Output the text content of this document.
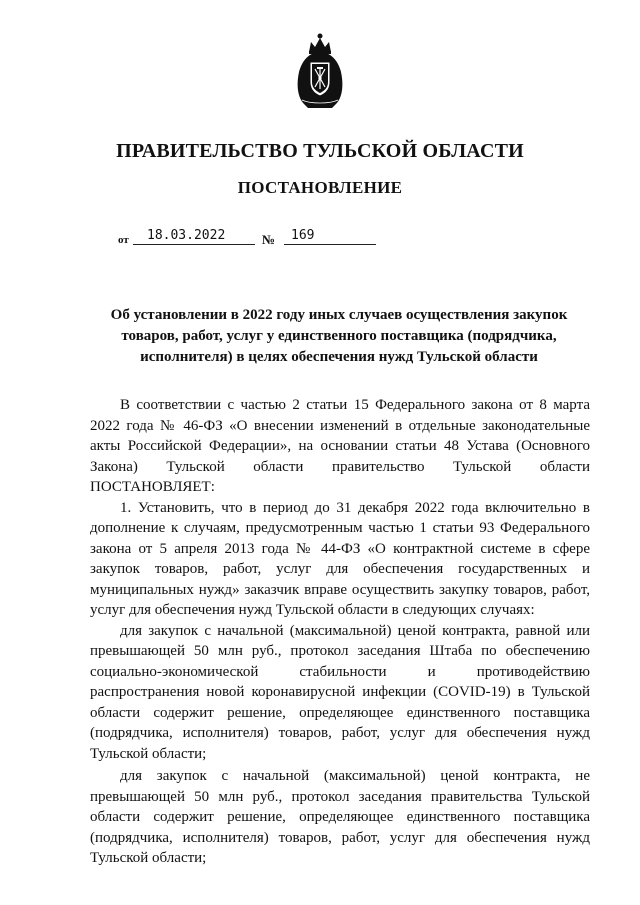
ПРАВИТЕЛЬСТВО ТУЛЬСКОЙ ОБЛАСТИ
ПОСТАНОВЛЕНИЕ
от 18.03.2022	№ 169
Об установлении в 2022 году иных случаев осуществления закупок товаров, работ, услуг у единственного поставщика (подрядчика, исполнителя) в целях обеспечения нужд Тульской области

В соответствии с частью 2 статьи 15 Федерального закона от 8 марта 2022 года № 46-ФЗ «О внесении изменений в отдельные законодательные акты Российской Федерации», на основании статьи 48 Устава (Основного Закона) Тульской области правительство Тульской области ПОСТАНОВЛЯЕТ:

1. Установить, что в период до 31 декабря 2022 года включительно в дополнение к случаям, предусмотренным частью 1 статьи 93 Федерального закона от 5 апреля 2013 года № 44-ФЗ «О контрактной системе в сфере закупок товаров, работ, услуг для обеспечения государственных и муниципальных нужд» заказчик вправе осуществить закупку товаров, работ, услуг для обеспечения нужд Тульской области в следующих случаях:

для закупок с начальной (максимальной) ценой контракта, равной или превышающей 50 млн руб., протокол заседания Штаба по обеспечению социально-экономической стабильности и противодействию распространения новой коронавирусной инфекции (COVID-19) в Тульской области содержит решение, определяющее единственного поставщика (подрядчика, исполнителя) товаров, работ, услуг для обеспечения нужд Тульской области;

для закупок с начальной (максимальной) ценой контракта, не превышающей 50 млн руб., протокол заседания правительства Тульской области содержит решение, определяющее единственного поставщика (подрядчика, исполнителя) товаров, работ, услуг для обеспечения нужд Тульской области;
